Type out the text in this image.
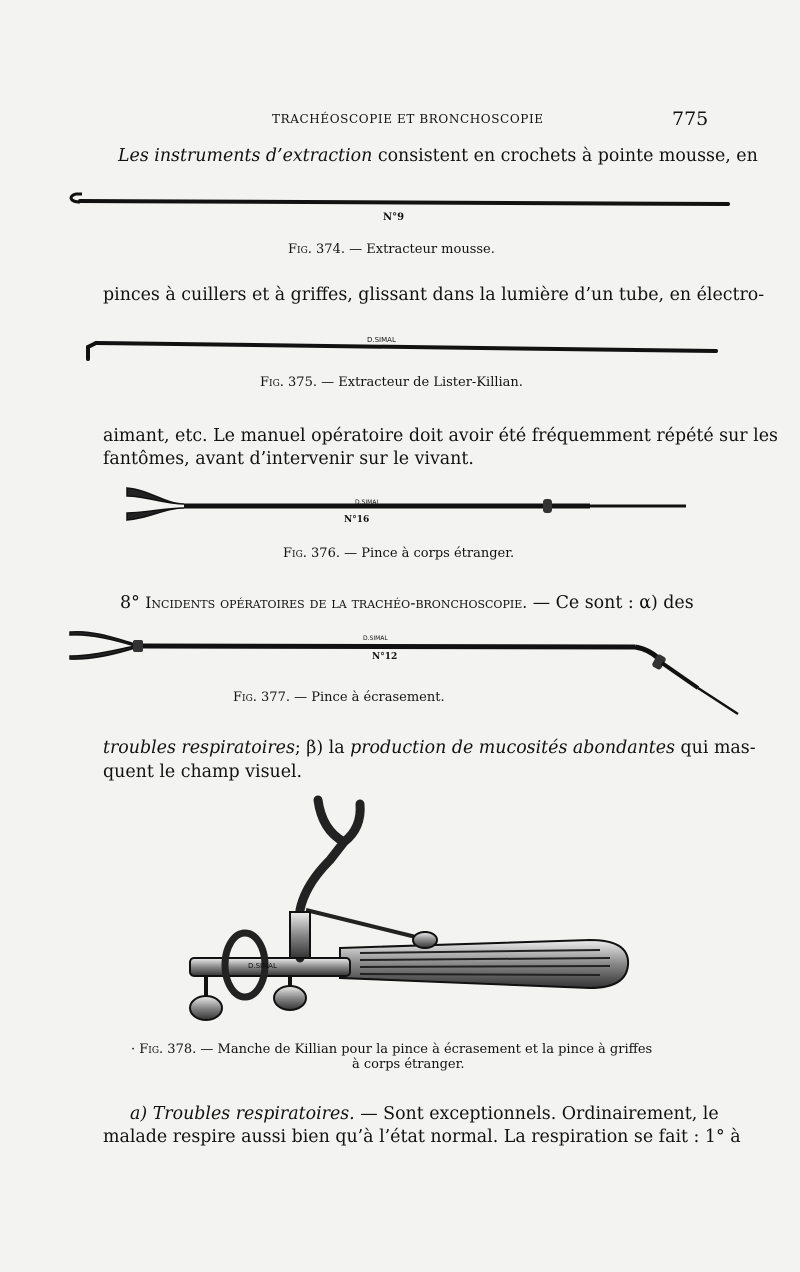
TRACHÉOSCOPIE ET BRONCHOSCOPIE	775
Les instruments d’extraction consistent en crochets à pointe mousse, en
N°9
Fig. 374. — Extracteur mousse.
pinces à cuillers et à griffes, glissant dans la lumière d’un tube, en électro-
D.SIMAL
Fig. 375. — Extracteur de Lister-Killian.
aimant, etc. Le manuel opératoire doit avoir été fréquemment répété sur les
fantômes, avant d’intervenir sur le vivant.
D.SIMAL
N°16
Fig. 376. — Pince à corps étranger.
8° Incidents opératoires de la trachéo-bronchoscopie. — Ce sont : α) des
D.SIMAL
N°12
Fig. 377. — Pince à écrasement.
troubles respiratoires; β) la production de mucosités abondantes qui mas-
quent le champ visuel.
D.SIMAL
· Fig. 378. — Manche de Killian pour la pince à écrasement et la pince à griffes
à corps étranger.
a) Troubles respiratoires. — Sont exceptionnels. Ordinairement, le
malade respire aussi bien qu’à l’état normal. La respiration se fait : 1° à
